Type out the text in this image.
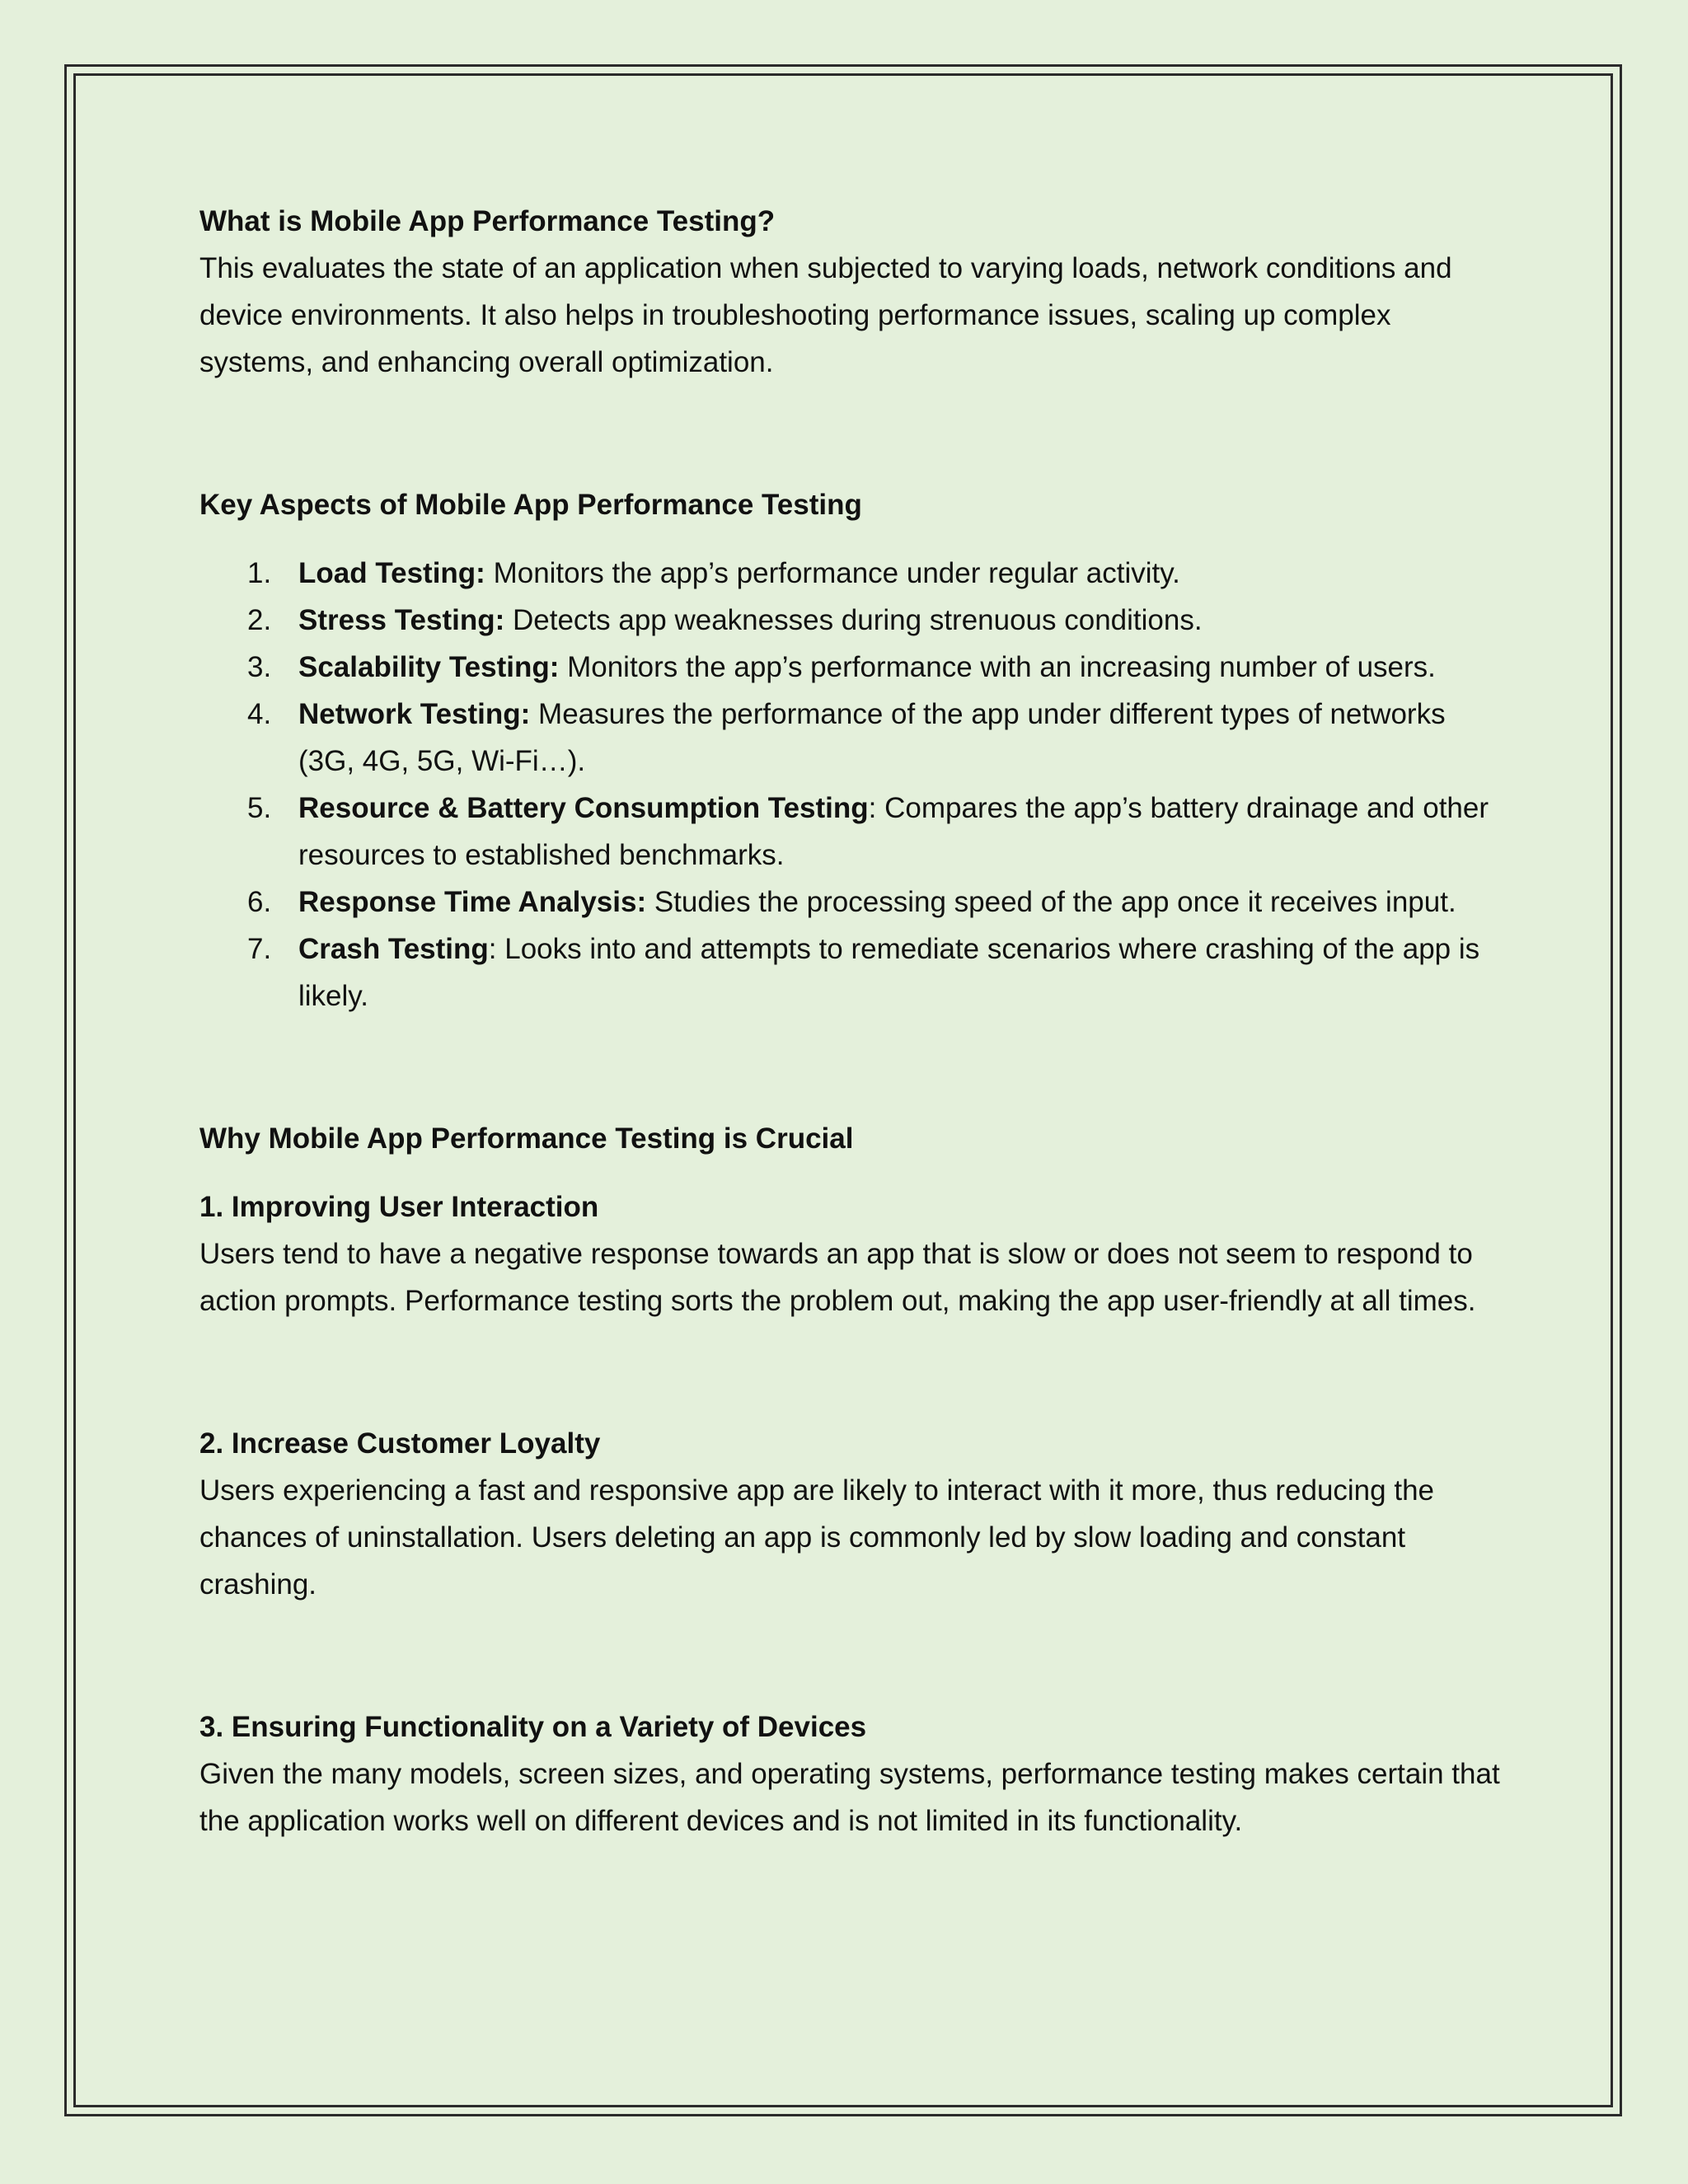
What is Mobile App Performance Testing?

This evaluates the state of an application when subjected to varying loads, network conditions and device environments. It also helps in troubleshooting performance issues, scaling up complex systems, and enhancing overall optimization.

Key Aspects of Mobile App Performance Testing
1. Load Testing: Monitors the app’s performance under regular activity.
2. Stress Testing: Detects app weaknesses during strenuous conditions.
3. Scalability Testing: Monitors the app’s performance with an increasing number of users.
4. Network Testing: Measures the performance of the app under different types of networks (3G, 4G, 5G, Wi-Fi…).
5. Resource & Battery Consumption Testing: Compares the app’s battery drainage and other resources to established benchmarks.
6. Response Time Analysis: Studies the processing speed of the app once it receives input.
7. Crash Testing: Looks into and attempts to remediate scenarios where crashing of the app is likely.
Why Mobile App Performance Testing is Crucial
1. Improving User Interaction

Users tend to have a negative response towards an app that is slow or does not seem to respond to action prompts. Performance testing sorts the problem out, making the app user-friendly at all times.

2. Increase Customer Loyalty

Users experiencing a fast and responsive app are likely to interact with it more, thus reducing the chances of uninstallation. Users deleting an app is commonly led by slow loading and constant crashing.

3. Ensuring Functionality on a Variety of Devices

Given the many models, screen sizes, and operating systems, performance testing makes certain that the application works well on different devices and is not limited in its functionality.
